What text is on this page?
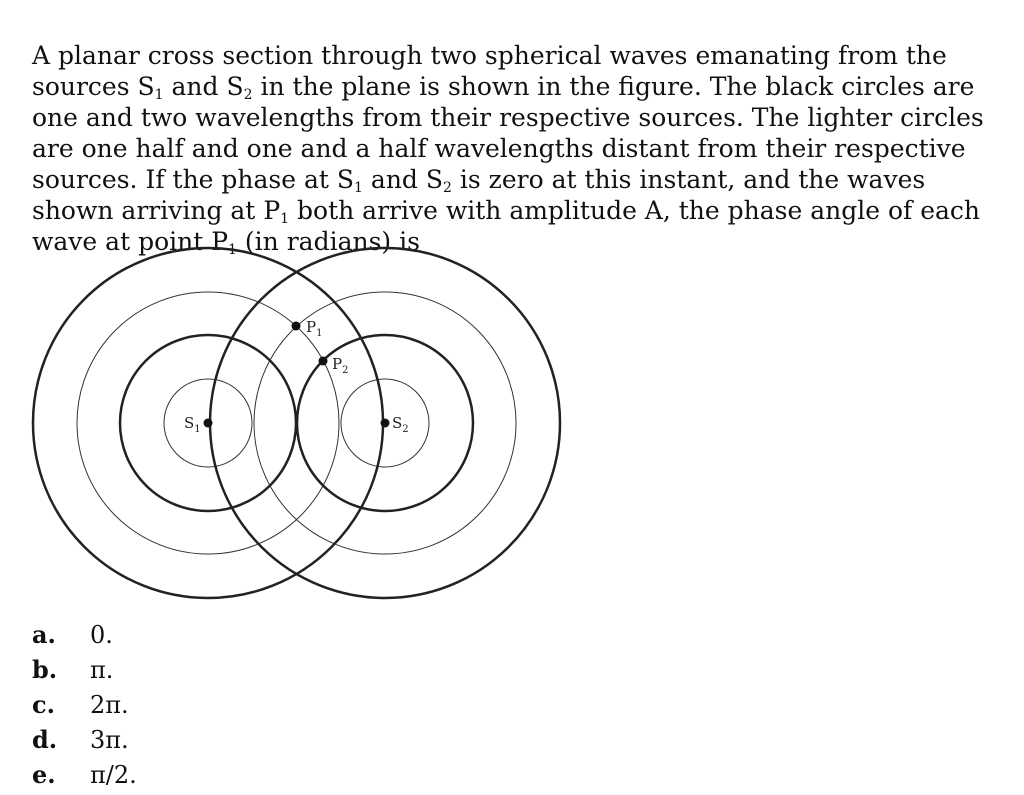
A planar cross section through two spherical waves emanating from the sources $S_1$ and $S_2$ in the plane is shown in the figure. The black circles are one and two wavelengths from their respective sources. The lighter circles are one half and one and a half wavelengths distant from their respective sources. If the phase at $S_1$ and $S_2$ is zero at this instant, and the waves shown arriving at $P_1$ both arrive with amplitude A, the phase angle of each wave at point $P_1$ (in radians) is

$S_1$	$S_2$
$P_1$
$P_2$
a.	0.
b.	π.
c.	2π.
d.	3π.
e.	π/2.
